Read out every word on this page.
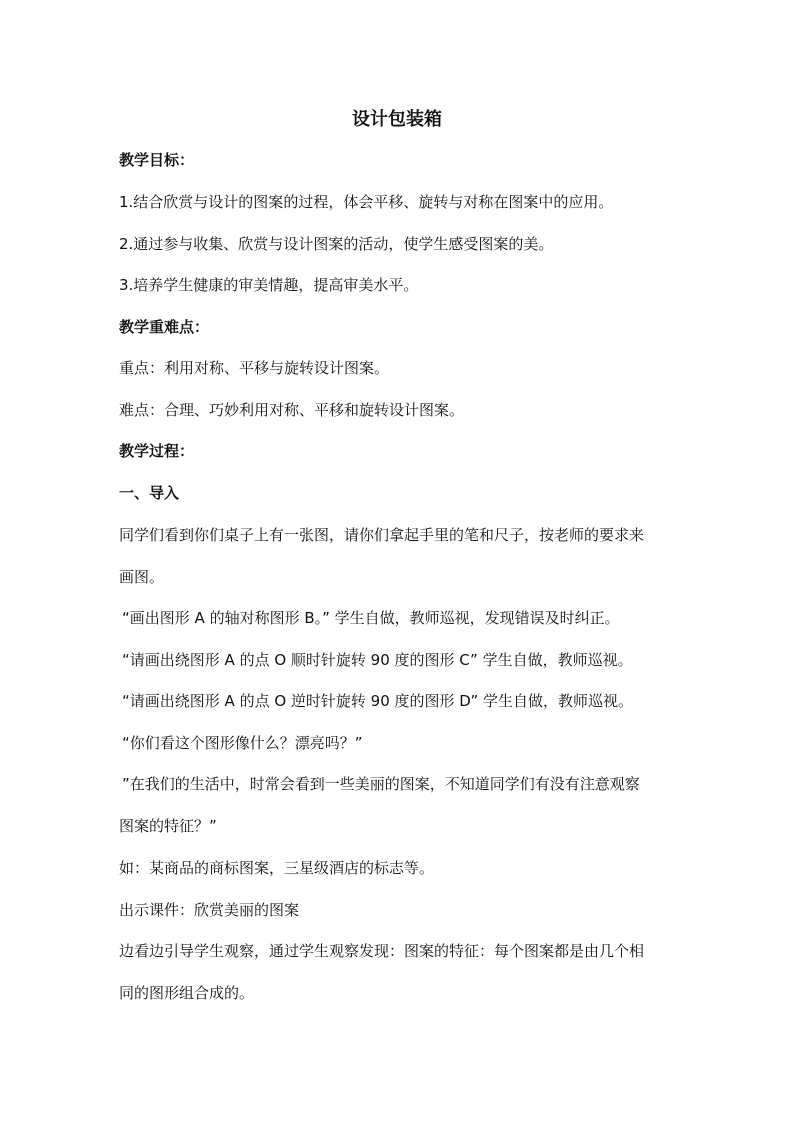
设计包装箱
教学目标：
1.结合欣赏与设计的图案的过程，体会平移、旋转与对称在图案中的应用。
2.通过参与收集、欣赏与设计图案的活动，使学生感受图案的美。
3.培养学生健康的审美情趣，提高审美水平。
教学重难点：
重点：利用对称、平移与旋转设计图案。
难点：合理、巧妙利用对称、平移和旋转设计图案。
教学过程：
一、导入
同学们看到你们桌子上有一张图，请你们拿起手里的笔和尺子，按老师的要求来
画图。
“画出图形 A 的轴对称图形 B。” 学生自做，教师巡视，发现错误及时纠正。
“请画出绕图形 A 的点 O 顺时针旋转 90 度的图形 C” 学生自做，教师巡视。
“请画出绕图形 A 的点 O 逆时针旋转 90 度的图形 D” 学生自做，教师巡视。
“你们看这个图形像什么？漂亮吗？”
”在我们的生活中，时常会看到一些美丽的图案，不知道同学们有没有注意观察
图案的特征？”
如：某商品的商标图案，三星级酒店的标志等。
出示课件：欣赏美丽的图案
边看边引导学生观察，通过学生观察发现：图案的特征：每个图案都是由几个相
同的图形组合成的。
